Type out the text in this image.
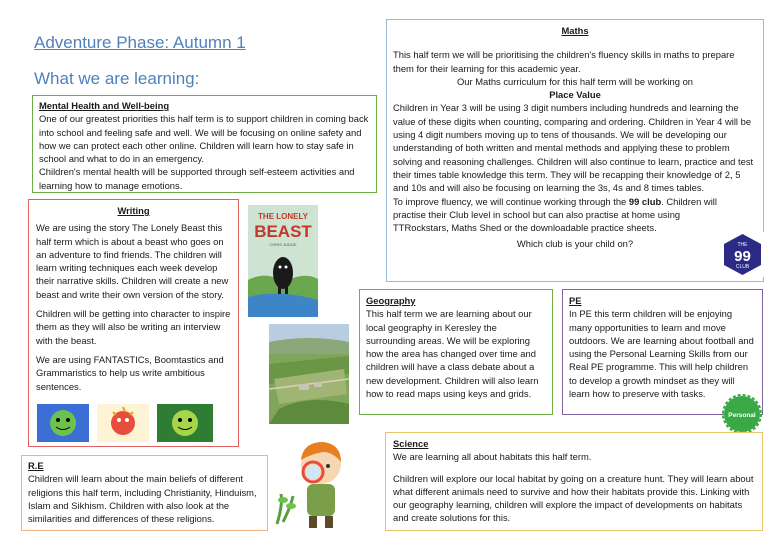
Adventure Phase: Autumn 1
What we are learning:
Mental Health and Well-being

One of our greatest priorities this half term is to support children in coming back into school and feeling safe and well. We will be focusing on online safety and how we can protect each other online. Children will learn how to stay safe in school and what to do in an emergency.

Children's mental health will be supported through self-esteem activities and learning how to manage emotions.

Writing

We are using the story The Lonely Beast this half term which is about a beast who goes on an adventure to find friends. The children will learn writing techniques each week develop their narrative skills. Children will create a new beast and write their own version of the story.

Children will be getting into character to inspire them as they will also be writing an interview with the beast.

We are using FANTASTICs, Boomtastics and Grammaristics to help us write ambitious sentences.

THE LONELY
BEAST
CHRIS JUDGE
R.E

Children will learn about the main beliefs of different religions this half term, including Christianity, Hinduism, Islam and Sikhism. Children with also look at the similarities and differences of these religions.

Maths

This half term we will be prioritising the children's fluency skills in maths to prepare them for their learning for this academic year.

Our Maths curriculum for this half term will be working on

Place Value

Children in Year 3 will be using 3 digit numbers including hundreds and learning the value of these digits when counting, comparing and ordering. Children in Year 4 will be using 4 digit numbers moving up to tens of thousands. We will be developing our understanding of both written and mental methods and applying these to problem solving and reasoning challenges. Children will also continue to learn, practice and test their times table knowledge this term. They will be recapping their knowledge of 2, 5 and 10s and will also be focusing on learning the 3s, 4s and 8 times tables.

To improve fluency, we will continue working through the 99 club. Children will practise their Club level in school but can also practise at home using TTRockstars, Maths Shed or the downloadable practice sheets.

Which club is your child on?	THE
99
CLUB
Geography

This half term we are learning about our local geography in Keresley the surrounding areas. We will be exploring how the area has changed over time and children will have a class debate about a new development. Children will also learn how to read maps using keys and grids.

PE

In PE this term children will be enjoying many opportunities to learn and move outdoors. We are learning about football and using the Personal Learning Skills from our Real PE programme. This will help children to develop a growth mindset as they will learn how to preserve with tasks.

Personal
Science

We are learning all about habitats this half term.

Children will explore our local habitat by going on a creature hunt. They will learn about what different animals need to survive and how their habitats provide this. Linking with our geography learning, children will explore the impact of developments on habitats and create solutions for this.
